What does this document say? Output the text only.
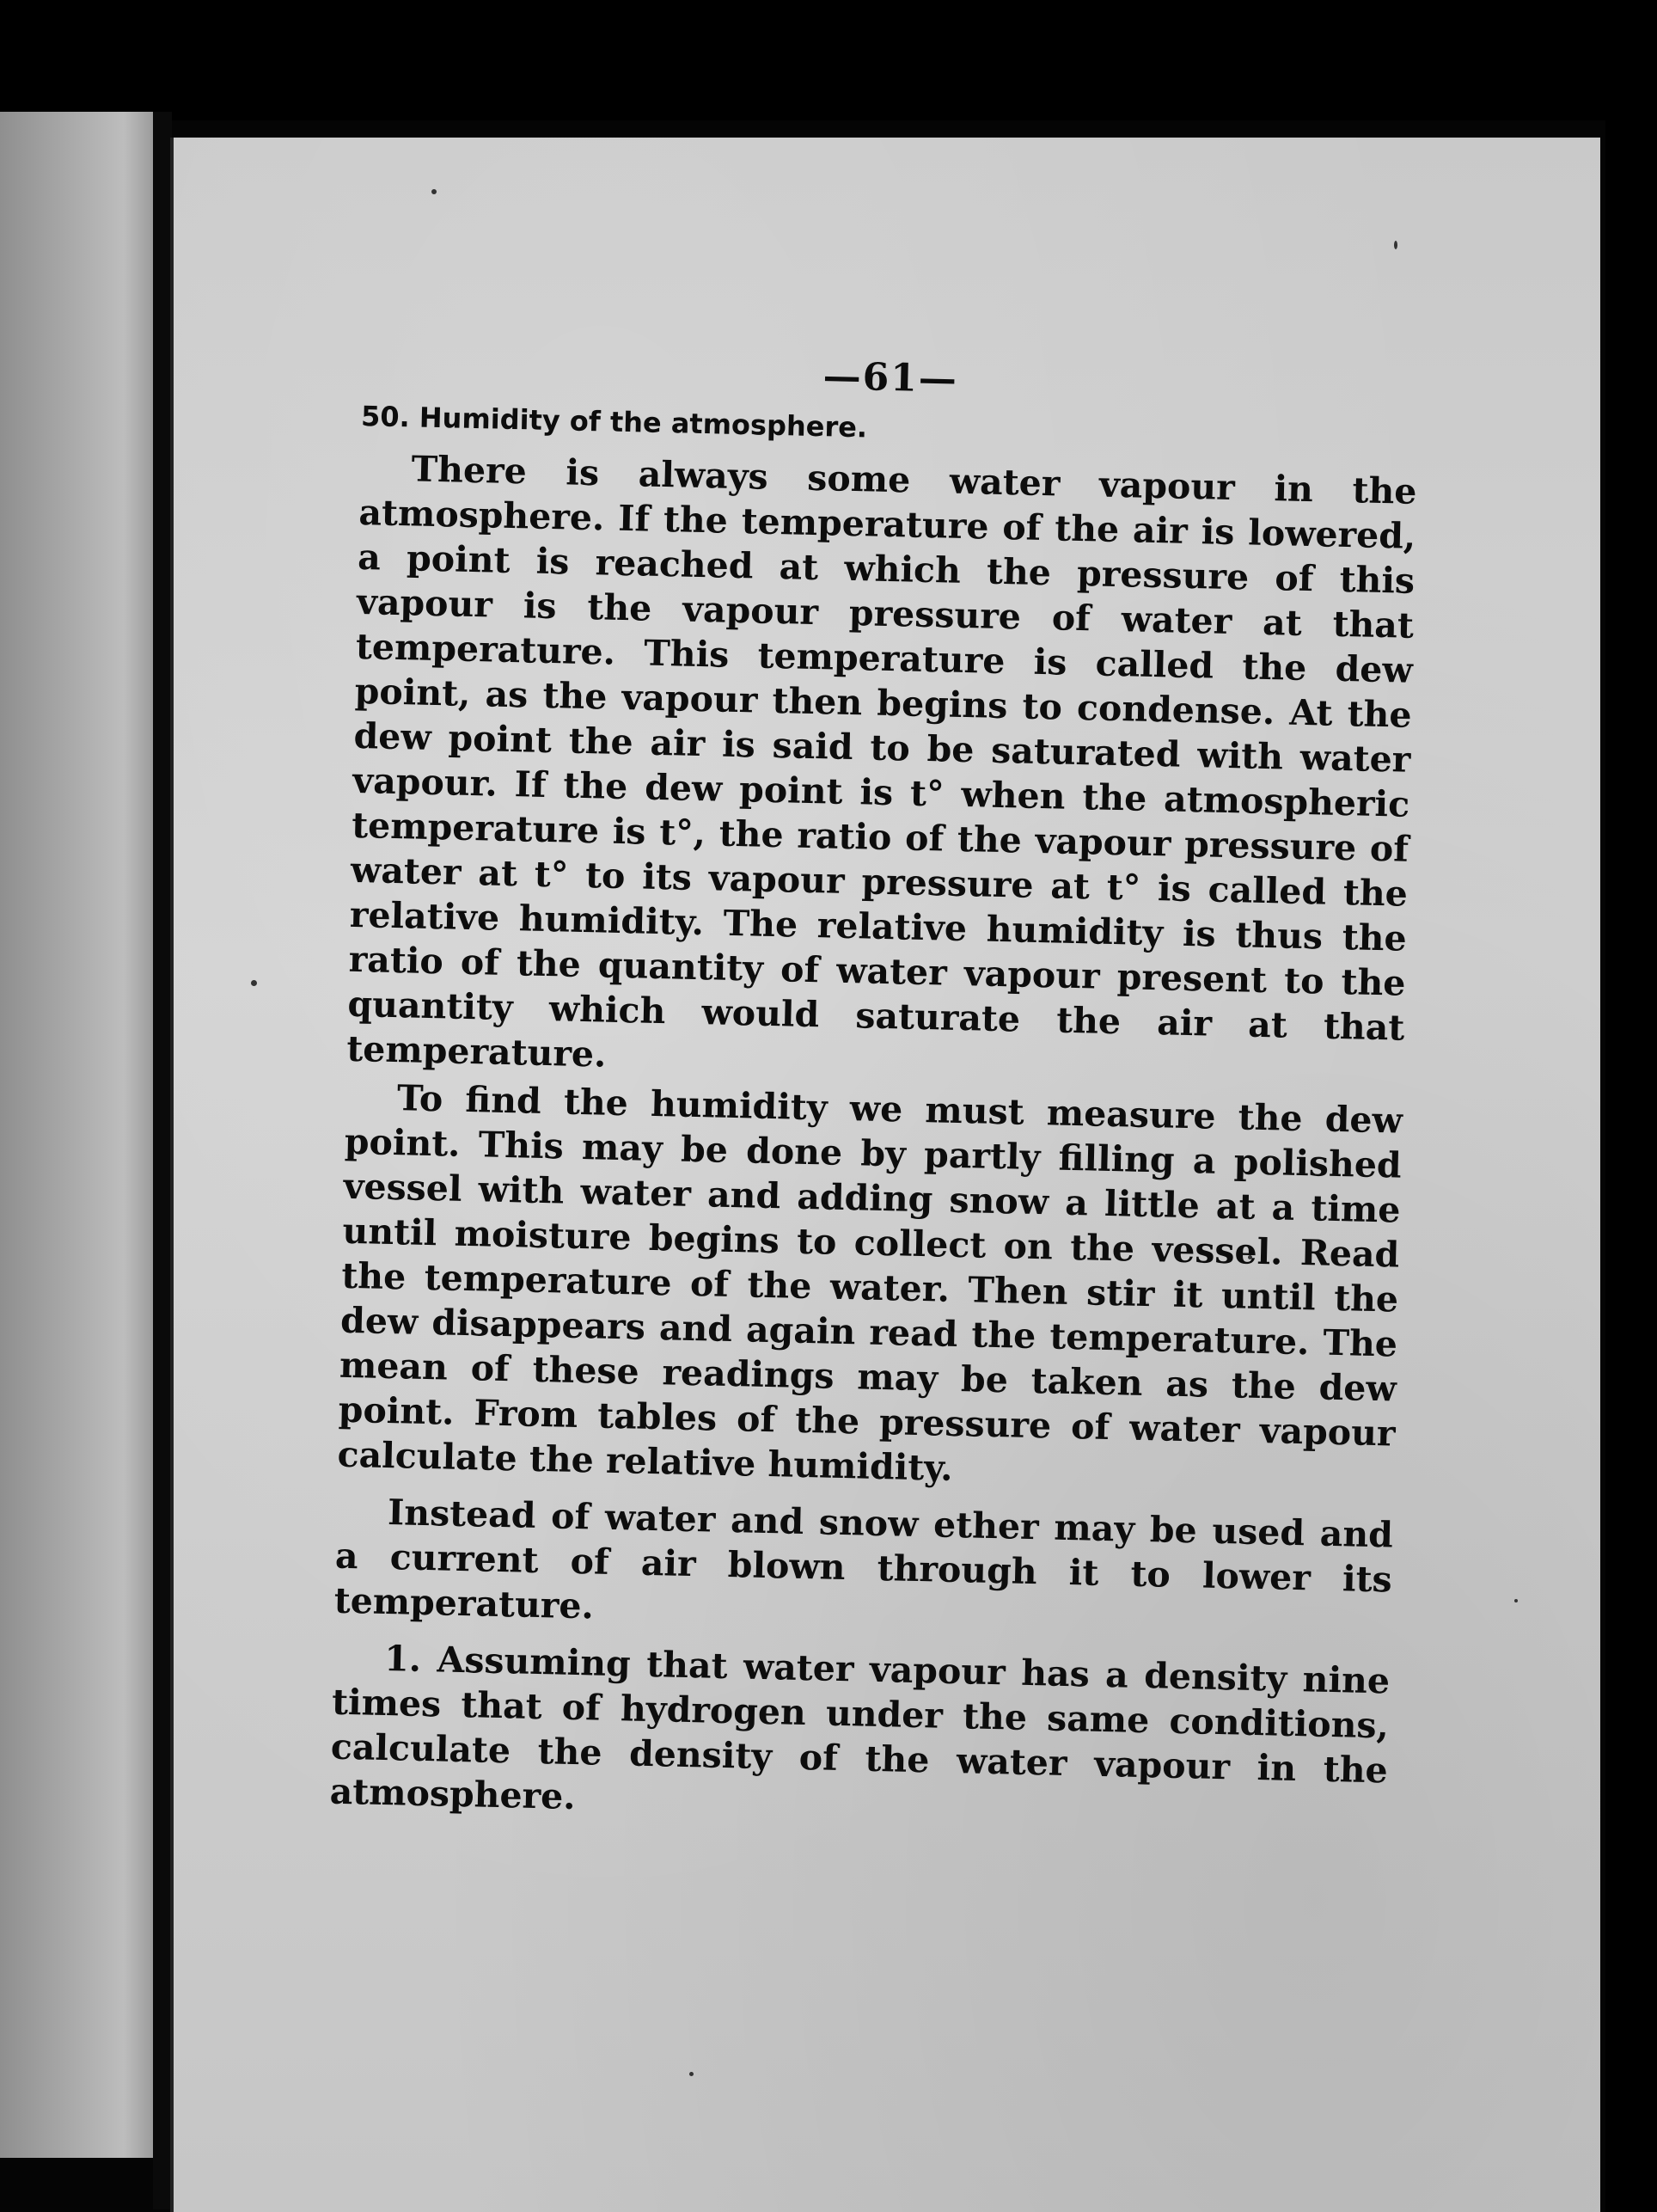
—61—
50. Humidity of the atmosphere.

There is always some water vapour in the atmosphere. If the temperature of the air is lowered, a point is reached at which the pressure of this vapour is the vapour pressure of water at that temperature. This temperature is called the dew point, as the vapour then begins to condense. At the dew point the air is said to be saturated with water vapour. If the dew point is t° when the atmospheric temperature is t°, the ratio of the vapour pressure of water at t° to its vapour pressure at t° is called the relative humidity. The relative humidity is thus the ratio of the quantity of water vapour present to the quantity which would saturate the air at that temperature.

To find the humidity we must measure the dew point. This may be done by partly filling a polished vessel with water and adding snow a little at a time until moisture begins to collect on the vessel. Read the temperature of the water. Then stir it until the dew disappears and again read the temperature. The mean of these readings may be taken as the dew point. From tables of the pressure of water vapour calculate the relative humidity.

Instead of water and snow ether may be used and a current of air blown through it to lower its temperature.

1. Assuming that water vapour has a density nine times that of hydrogen under the same conditions, calculate the density of the water vapour in the atmosphere.
